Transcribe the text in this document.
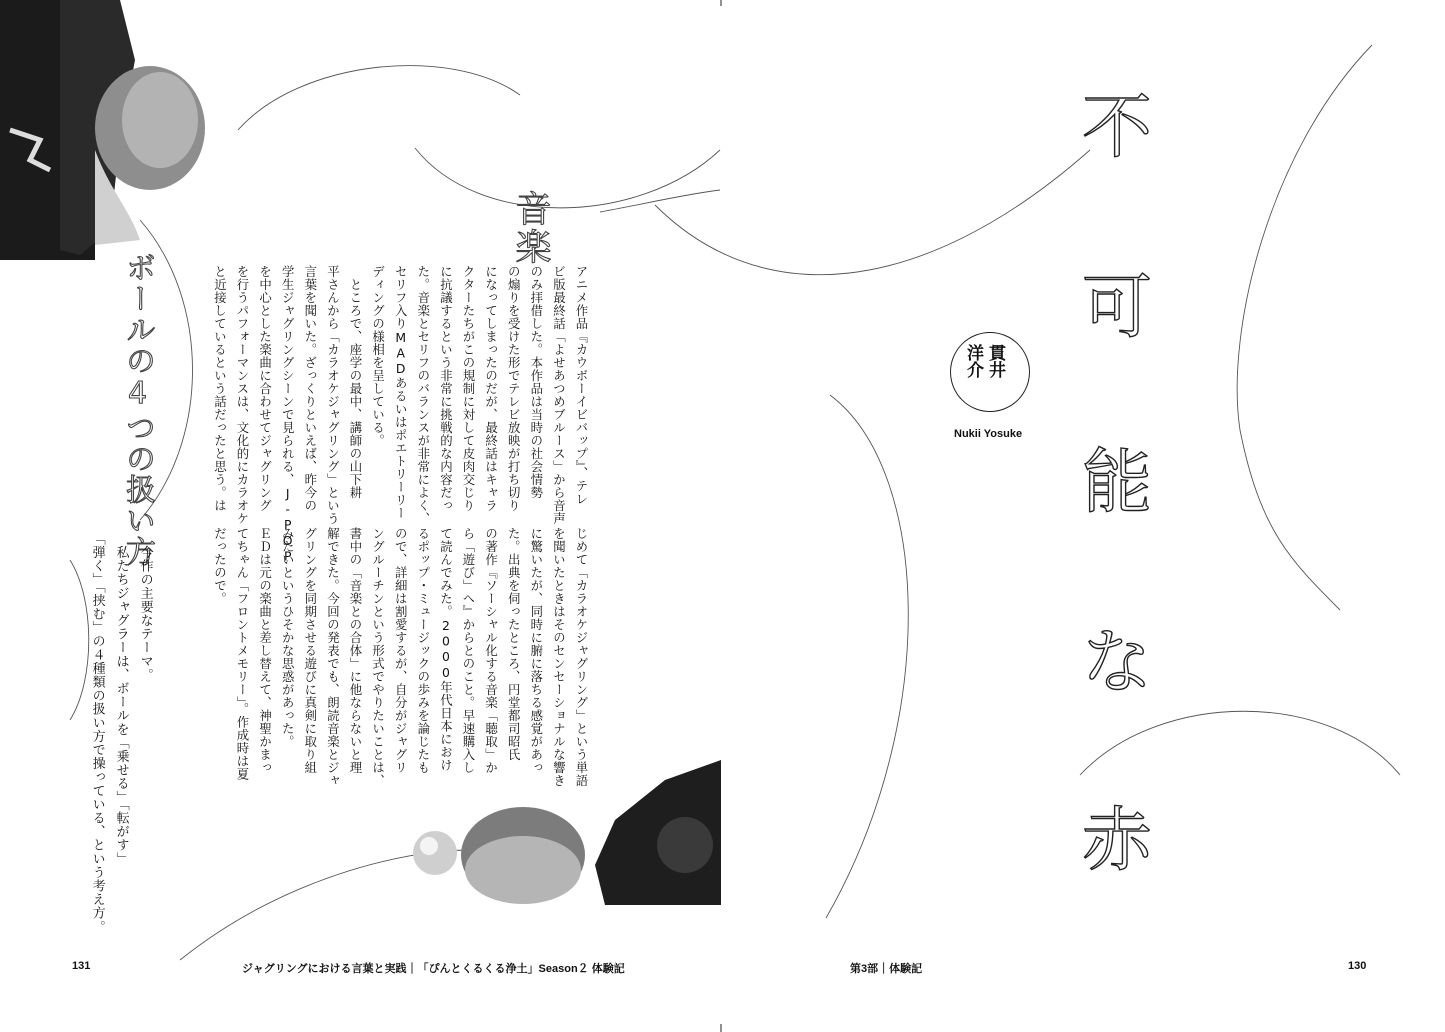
不
可
能
な
赤
貫井
洋介
Nukii Yosuke
音楽
アニメ作品『カウボーイビバップ』、テレ
ビ版最終話「よせあつめブルース」から音声
のみ拝借した。本作品は当時の社会情勢
の煽りを受けた形でテレビ放映が打ち切り
になってしまったのだが、最終話はキャラ
クターたちがこの規制に対して皮肉交じり
に抗議するという非常に挑戦的な内容だっ
た。音楽とセリフのバランスが非常によく、
セリフ入りMADあるいはポエトリーリー
ディングの様相を呈している。
　ところで、座学の最中、講師の山下耕
平さんから「カラオケジャグリング」という
言葉を聞いた。ざっくりといえば、昨今の
学生ジャグリングシーンで見られる、J-POP
を中心とした楽曲に合わせてジャグリング
を行うパフォーマンスは、文化的にカラオケ
と近接しているという話だったと思う。は
じめて「カラオケジャグリング」という単語
を聞いたときはそのセンセーショナルな響き
に驚いたが、同時に腑に落ちる感覚があっ
た。出典を伺ったところ、円堂都司昭氏
の著作『ソーシャル化する音楽「聴取」か
ら「遊び」へ』からとのこと。早速購入し
て読んでみた。2000年代日本におけ
るポップ・ミュージックの歩みを論じたも
ので、詳細は割愛するが、自分がジャグリ
ングルーチンという形式でやりたいことは、
書中の「音楽との合体」に他ならないと理
解できた。今回の発表でも、朗読音楽とジャ
グリングを同期させる遊びに真剣に取り組
みたいというひそかな思惑があった。
ＥＤは元の楽曲と差し替えて、神聖かまっ
てちゃん「フロントメモリー」。作成時は夏
だったので。
ボールの4つの扱い方
　今作の主要なテーマ。
　私たちジャグラーは、ボールを「乗せる」「転がす」
「弾く」「挟む」の４種類の扱い方で操っている、という考え方。
131	ジャグリングにおける言葉と実践｜「ぴんとくるくる浄土」Season２ 体験記	第3部｜体験記	130
